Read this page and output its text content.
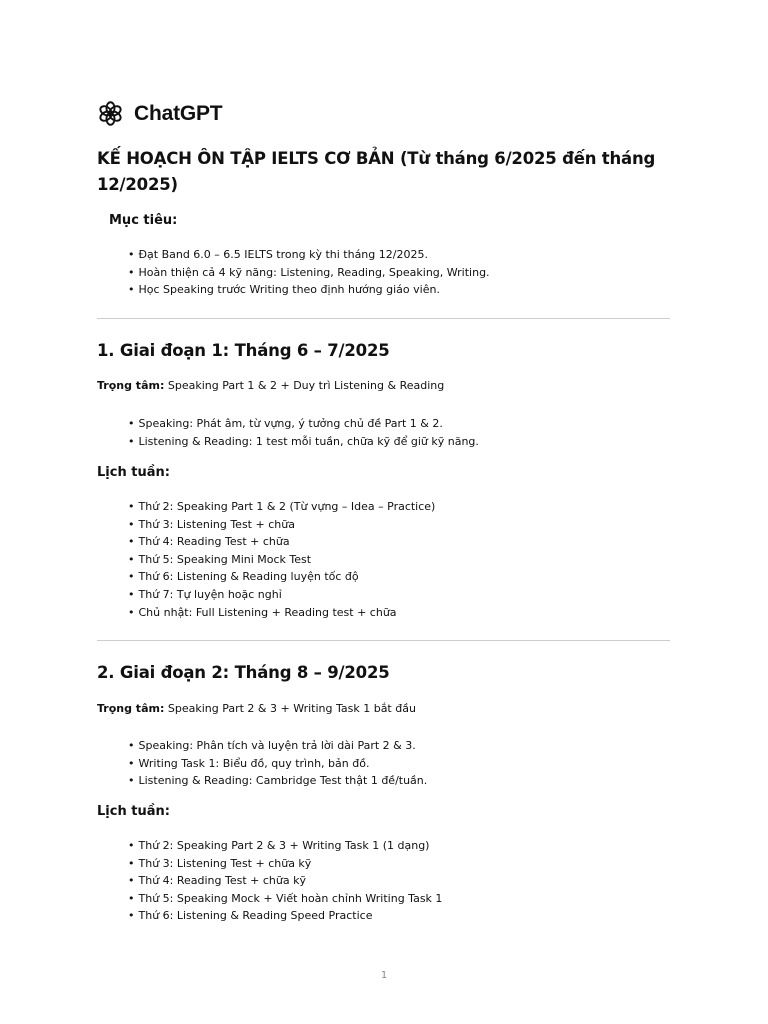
ChatGPT
KẾ HOẠCH ÔN TẬP IELTS CƠ BẢN (Từ tháng 6/2025 đến tháng 12/2025)
Mục tiêu:
• Đạt Band 6.0 – 6.5 IELTS trong kỳ thi tháng 12/2025.
• Hoàn thiện cả 4 kỹ năng: Listening, Reading, Speaking, Writing.
• Học Speaking trước Writing theo định hướng giáo viên.
1. Giai đoạn 1: Tháng 6 – 7/2025

Trọng tâm: Speaking Part 1 & 2 + Duy trì Listening & Reading

• Speaking: Phát âm, từ vựng, ý tưởng chủ đề Part 1 & 2.
• Listening & Reading: 1 test mỗi tuần, chữa kỹ để giữ kỹ năng.
Lịch tuần:
• Thứ 2: Speaking Part 1 & 2 (Từ vựng – Idea – Practice)
• Thứ 3: Listening Test + chữa
• Thứ 4: Reading Test + chữa
• Thứ 5: Speaking Mini Mock Test
• Thứ 6: Listening & Reading luyện tốc độ
• Thứ 7: Tự luyện hoặc nghỉ
• Chủ nhật: Full Listening + Reading test + chữa
2. Giai đoạn 2: Tháng 8 – 9/2025

Trọng tâm: Speaking Part 2 & 3 + Writing Task 1 bắt đầu

• Speaking: Phân tích và luyện trả lời dài Part 2 & 3.
• Writing Task 1: Biểu đồ, quy trình, bản đồ.
• Listening & Reading: Cambridge Test thật 1 đề/tuần.
Lịch tuần:
• Thứ 2: Speaking Part 2 & 3 + Writing Task 1 (1 dạng)
• Thứ 3: Listening Test + chữa kỹ
• Thứ 4: Reading Test + chữa kỹ
• Thứ 5: Speaking Mock + Viết hoàn chỉnh Writing Task 1
• Thứ 6: Listening & Reading Speed Practice
1
